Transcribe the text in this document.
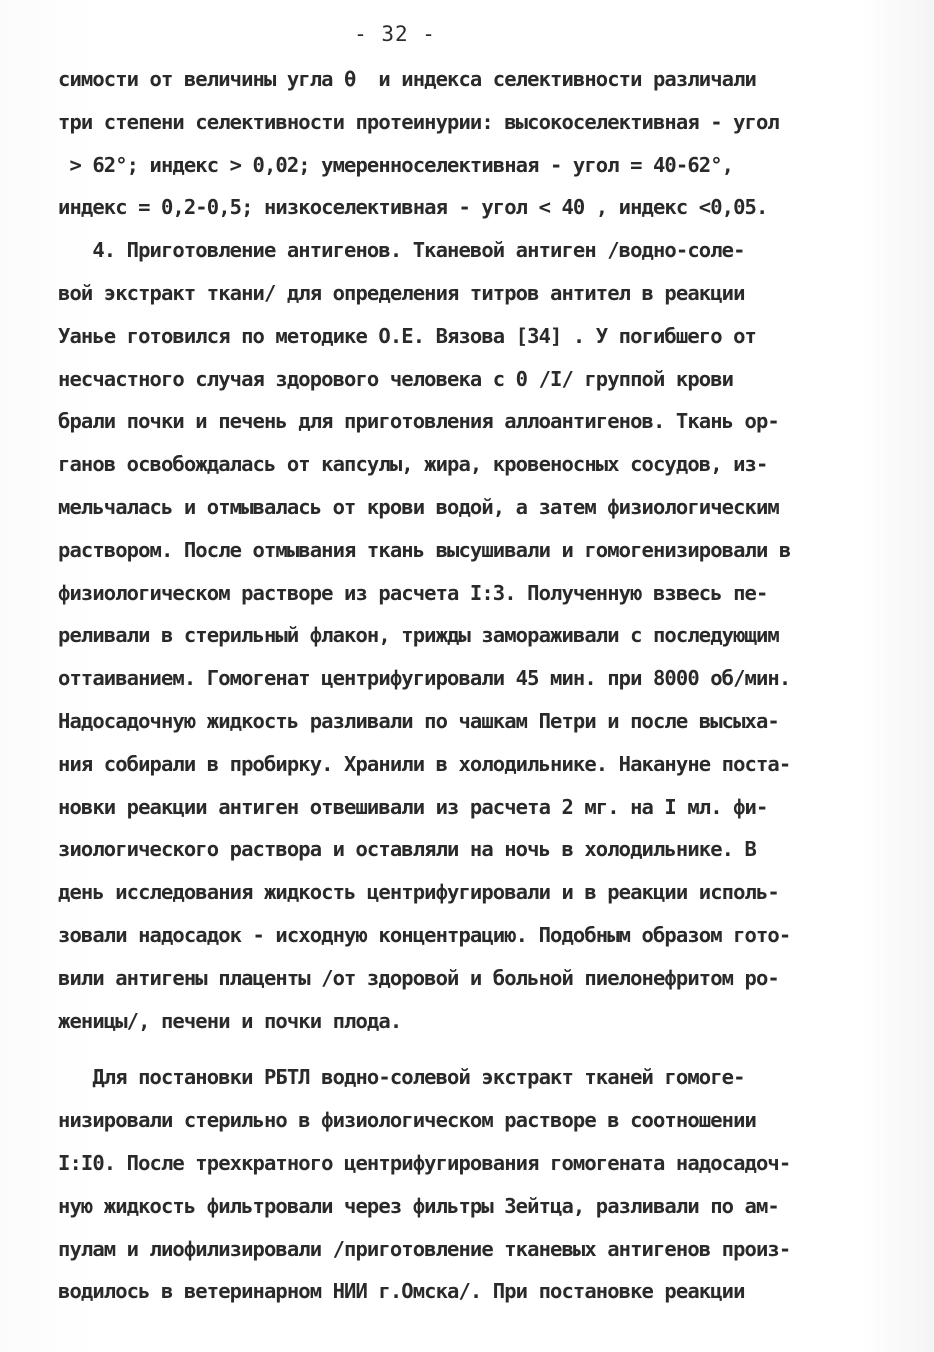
- 32 -
симости от величины угла θ  и индекса селективности различали
три степени селективности протеинурии: высокоселективная - угол
> 62°; индекс > 0,02; умеренноселективная - угол = 40-62°,
индекс = 0,2-0,5; низкоселективная - угол < 40 , индекс <0,05.
4. Приготовление антигенов. Тканевой антиген /водно-соле-
вой экстракт ткани/ для определения титров антител в реакции
Уанье готовился по методике О.Е. Вязова [34] . У погибшего от
несчастного случая здорового человека с 0 /I/ группой крови
брали почки и печень для приготовления аллоантигенов. Ткань ор-
ганов освобождалась от капсулы, жира, кровеносных сосудов, из-
мельчалась и отмывалась от крови водой, а затем физиологическим
раствором. После отмывания ткань высушивали и гомогенизировали в
физиологическом растворе из расчета I:3. Полученную взвесь пе-
реливали в стерильный флакон, трижды замораживали с последующим
оттаиванием. Гомогенат центрифугировали 45 мин. при 8000 об/мин.
Надосадочную жидкость разливали по чашкам Петри и после высыха-
ния собирали в пробирку. Хранили в холодильнике. Накануне поста-
новки реакции антиген отвешивали из расчета 2 мг. на I мл. фи-
зиологического раствора и оставляли на ночь в холодильнике. В
день исследования жидкость центрифугировали и в реакции исполь-
зовали надосадок - исходную концентрацию. Подобным образом гото-
вили антигены плаценты /от здоровой и больной пиелонефритом ро-
женицы/, печени и почки плода.
Для постановки РБТЛ водно-солевой экстракт тканей гомоге-
низировали стерильно в физиологическом растворе в соотношении
I:I0. После трехкратного центрифугирования гомогената надосадоч-
ную жидкость фильтровали через фильтры Зейтца, разливали по ам-
пулам и лиофилизировали /приготовление тканевых антигенов произ-
водилось в ветеринарном НИИ г.Омска/. При постановке реакции
